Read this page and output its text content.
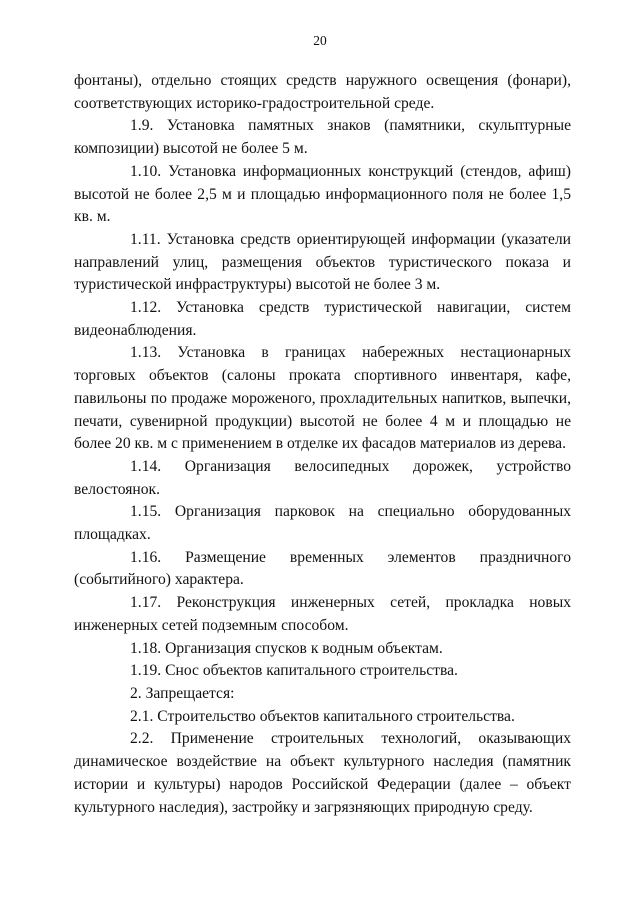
20

фонтаны), отдельно стоящих средств наружного освещения (фонари), соответствующих историко-градостроительной среде.

1.9. Установка памятных знаков (памятники, скульптурные композиции) высотой не более 5 м.

1.10. Установка информационных конструкций (стендов, афиш) высотой не более 2,5 м и площадью информационного поля не более 1,5 кв. м.

1.11. Установка средств ориентирующей информации (указатели направлений улиц, размещения объектов туристического показа и туристической инфраструктуры) высотой не более 3 м.

1.12. Установка средств туристической навигации, систем видеонаблюдения.

1.13. Установка в границах набережных нестационарных торговых объектов (салоны проката спортивного инвентаря, кафе, павильоны по продаже мороженого, прохладительных напитков, выпечки, печати, сувенирной продукции) высотой не более 4 м и площадью не более 20 кв. м с применением в отделке их фасадов материалов из дерева.

1.14. Организация велосипедных дорожек, устройство велостоянок.

1.15. Организация парковок на специально оборудованных площадках.

1.16. Размещение временных элементов праздничного (событийного) характера.

1.17. Реконструкция инженерных сетей, прокладка новых инженерных сетей подземным способом.

1.18. Организация спусков к водным объектам.

1.19. Снос объектов капитального строительства.

2. Запрещается:

2.1. Строительство объектов капитального строительства.

2.2. Применение строительных технологий, оказывающих динамическое воздействие на объект культурного наследия (памятник истории и культуры) народов Российской Федерации (далее – объект культурного наследия), застройку и загрязняющих природную среду.
